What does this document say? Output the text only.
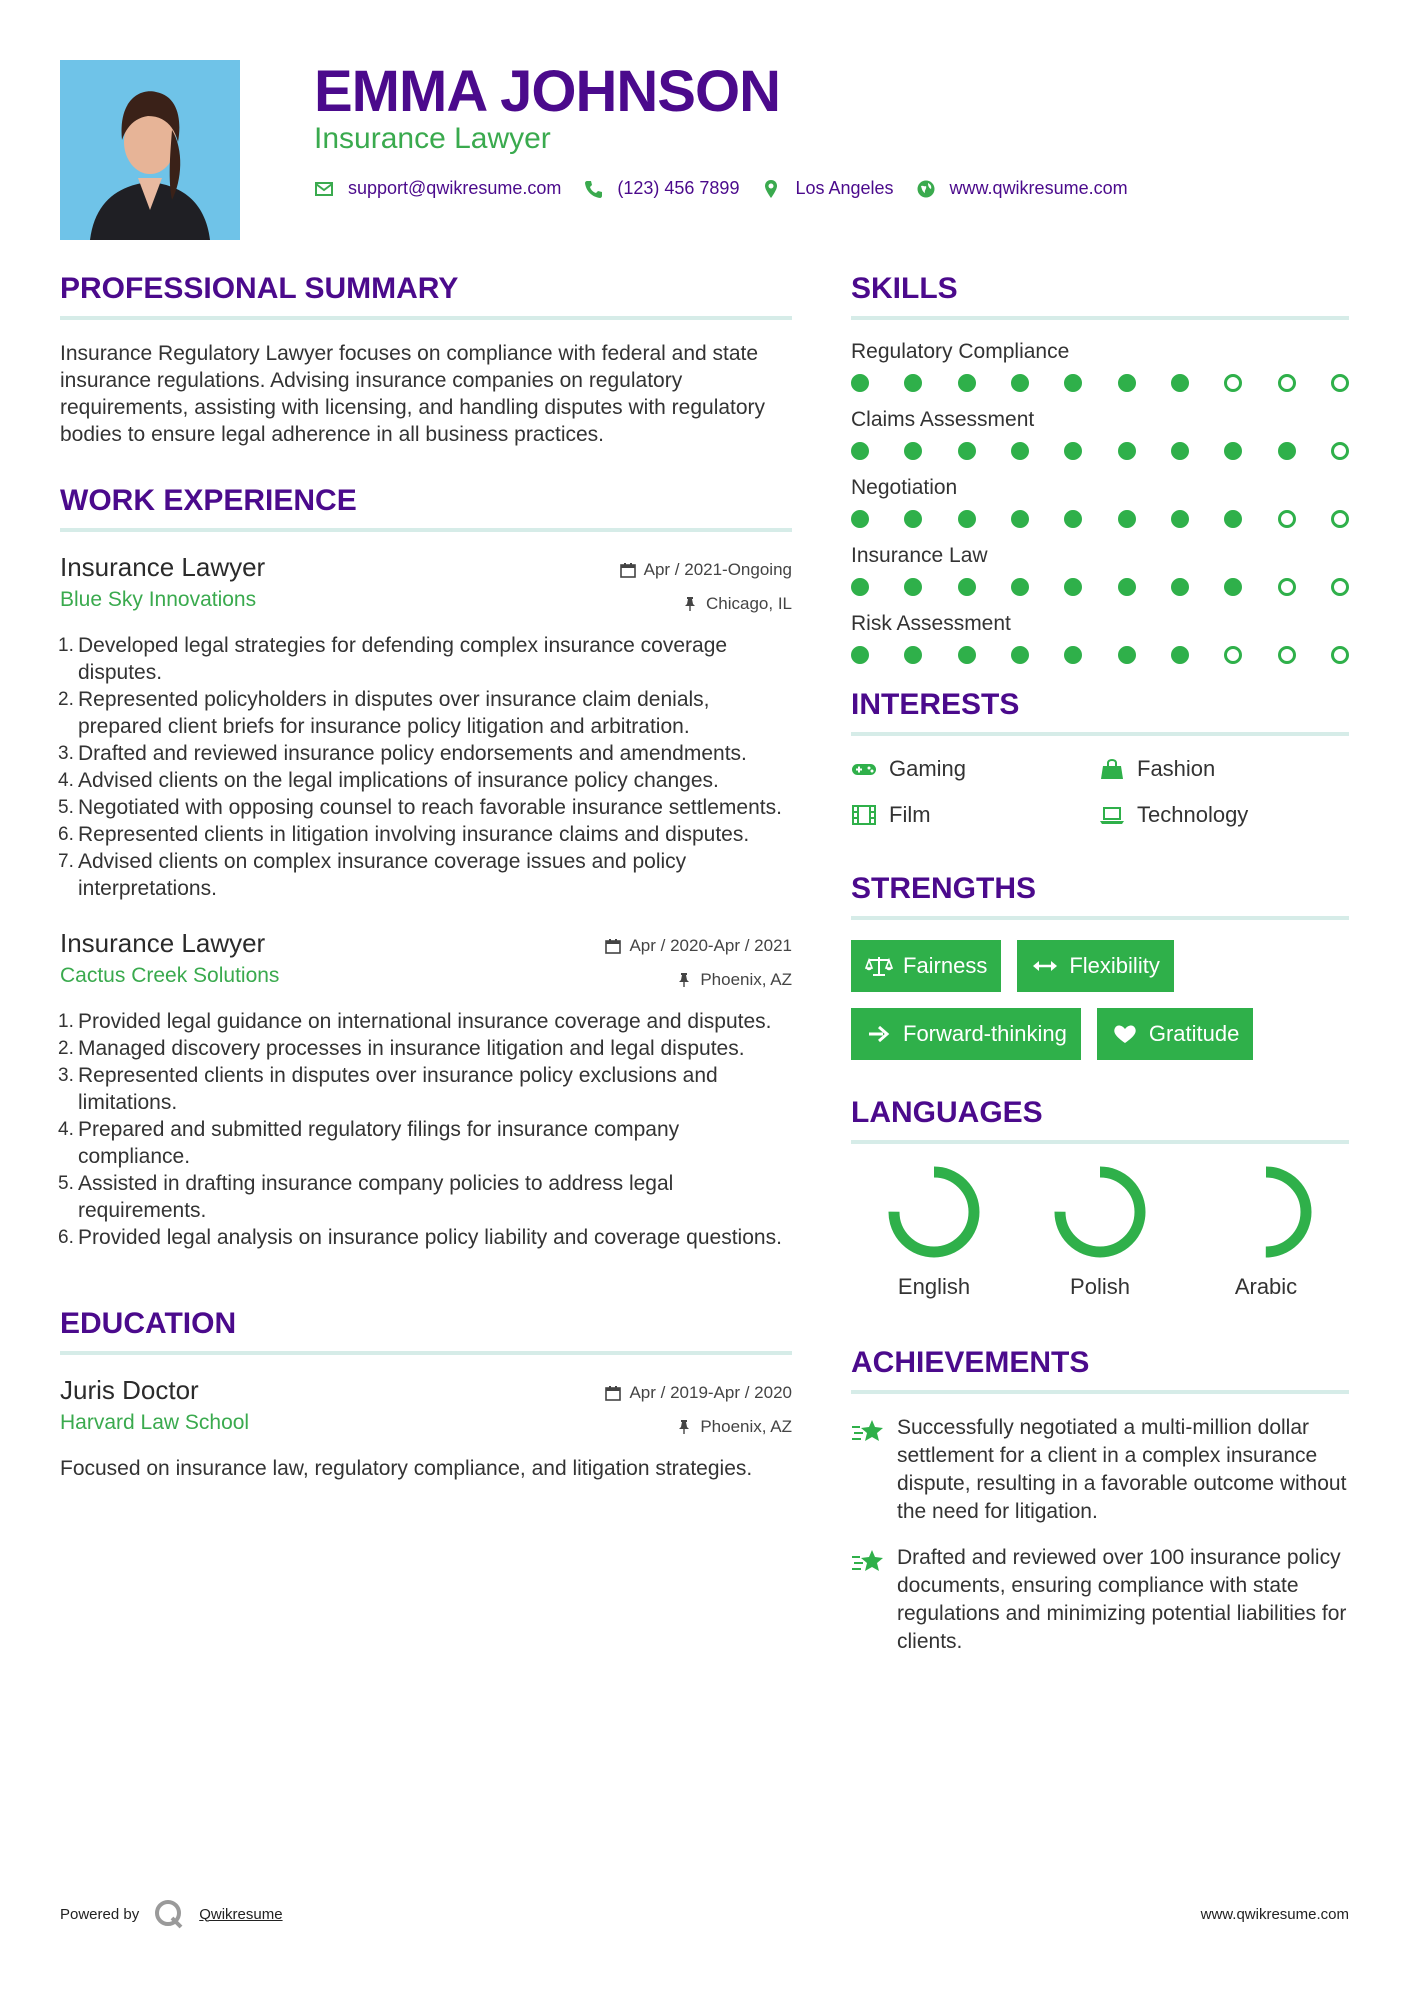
EMMA JOHNSON
Insurance Lawyer
support@qwikresume.com	(123) 456 7899	Los Angeles	www.qwikresume.com
PROFESSIONAL SUMMARY
Insurance Regulatory Lawyer focuses on compliance with federal and state insurance regulations. Advising insurance companies on regulatory requirements, assisting with licensing, and handling disputes with regulatory bodies to ensure legal adherence in all business practices.
WORK EXPERIENCE
Insurance Lawyer
Blue Sky Innovations
Apr / 2021-Ongoing
Chicago, IL
1. Developed legal strategies for defending complex insurance coverage disputes.
2. Represented policyholders in disputes over insurance claim denials, prepared client briefs for insurance policy litigation and arbitration.
3. Drafted and reviewed insurance policy endorsements and amendments.
4. Advised clients on the legal implications of insurance policy changes.
5. Negotiated with opposing counsel to reach favorable insurance settlements.
6. Represented clients in litigation involving insurance claims and disputes.
7. Advised clients on complex insurance coverage issues and policy interpretations.
Insurance Lawyer
Cactus Creek Solutions
Apr / 2020-Apr / 2021
Phoenix, AZ
1. Provided legal guidance on international insurance coverage and disputes.
2. Managed discovery processes in insurance litigation and legal disputes.
3. Represented clients in disputes over insurance policy exclusions and limitations.
4. Prepared and submitted regulatory filings for insurance company compliance.
5. Assisted in drafting insurance company policies to address legal requirements.
6. Provided legal analysis on insurance policy liability and coverage questions.
EDUCATION
Juris Doctor
Harvard Law School
Apr / 2019-Apr / 2020
Phoenix, AZ
Focused on insurance law, regulatory compliance, and litigation strategies.
SKILLS
Regulatory Compliance
Claims Assessment
Negotiation
Insurance Law
Risk Assessment
INTERESTS
Gaming	Fashion
Film	Technology
STRENGTHS
Fairness	Flexibility
Forward-thinking	Gratitude
LANGUAGES
English	Polish	Arabic
ACHIEVEMENTS
Successfully negotiated a multi-million dollar settlement for a client in a complex insurance dispute, resulting in a favorable outcome without the need for litigation.
Drafted and reviewed over 100 insurance policy documents, ensuring compliance with state regulations and minimizing potential liabilities for clients.
Powered by	Qwikresume	www.qwikresume.com
